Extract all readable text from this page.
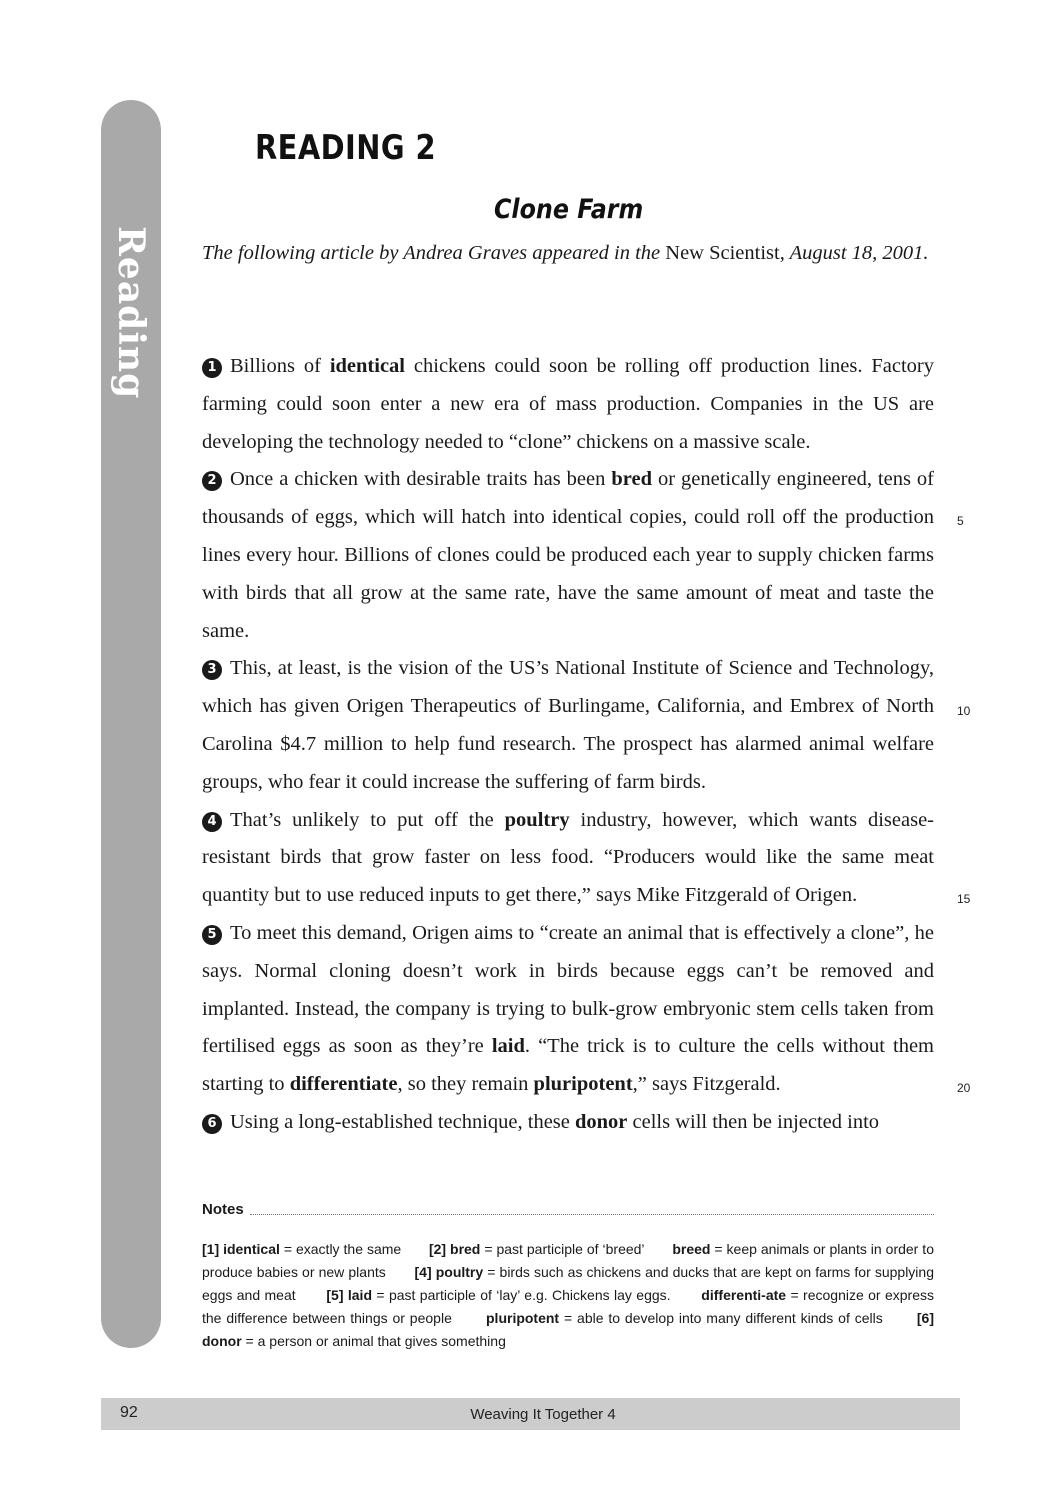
Reading
READING 2
Clone Farm

The following article by Andrea Graves appeared in the New Scientist, August 18, 2001.

1 Billions of identical chickens could soon be rolling off production lines. Factory farming could soon enter a new era of mass production. Companies in the US are developing the technology needed to “clone” chickens on a massive scale.

2 Once a chicken with desirable traits has been bred or genetically engineered, tens of thousands of eggs, which will hatch into identical copies, could roll off the production lines every hour. Billions of clones could be produced each year to supply chicken farms with birds that all grow at the same rate, have the same amount of meat and taste the same.

3 This, at least, is the vision of the US’s National Institute of Science and Technology, which has given Origen Therapeutics of Burlingame, California, and Embrex of North Carolina $4.7 million to help fund research. The prospect has alarmed animal welfare groups, who fear it could increase the suffering of farm birds.

4 That’s unlikely to put off the poultry industry, however, which wants disease-resistant birds that grow faster on less food. “Producers would like the same meat quantity but to use reduced inputs to get there,” says Mike Fitzgerald of Origen.

5 To meet this demand, Origen aims to “create an animal that is effectively a clone”, he says. Normal cloning doesn’t work in birds because eggs can’t be removed and implanted. Instead, the company is trying to bulk-grow embryonic stem cells taken from fertilised eggs as soon as they’re laid. “The trick is to culture the cells without them starting to differentiate, so they remain pluripotent,” says Fitzgerald.

6 Using a long-established technique, these donor cells will then be injected into

5
10
15
20
Notes

[1] identical = exactly the same [2] bred = past participle of ‘breed’ breed = keep animals or plants in order to produce babies or new plants [4] poultry = birds such as chickens and ducks that are kept on farms for supplying eggs and meat [5] laid = past participle of ‘lay’ e.g. Chickens lay eggs. differenti-ate = recognize or express the difference between things or people pluripotent = able to develop into many different kinds of cells [6] donor = a person or animal that gives something

92	Weaving It Together 4
